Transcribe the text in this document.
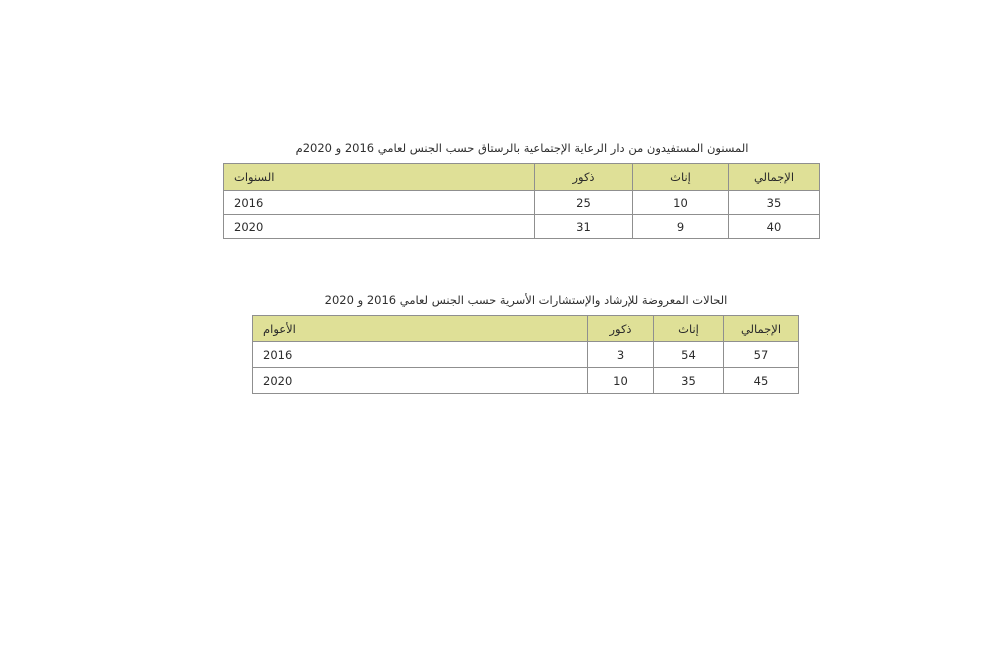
المسنون المستفيدون من دار الرعاية الإجتماعية بالرستاق حسب الجنس لعامي 2016 و 2020م
الإجمالي	إناث	ذكور	السنوات
35	10	25	2016
40	9	31	2020
الحالات المعروضة للإرشاد والإستشارات الأسرية حسب الجنس لعامي 2016 و 2020
الإجمالي	إناث	ذكور	الأعوام
57	54	3	2016
45	35	10	2020
